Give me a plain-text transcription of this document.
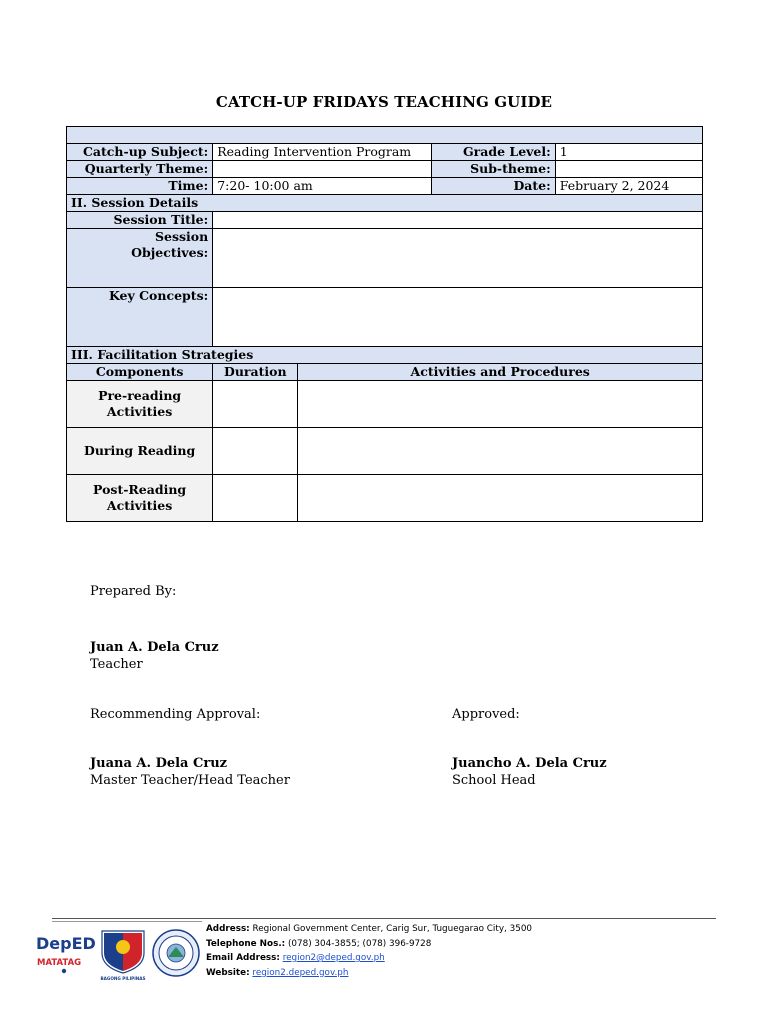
CATCH-UP FRIDAYS TEACHING GUIDE

Catch-up Subject:	Reading Intervention Program		Grade Level:	1
Quarterly Theme:			Sub-theme:	
Time:	7:20- 10:00 am		Date:	February 2, 2024
II. Session Details				
Session Title:				

Session
Objectives:				

Key Concepts:				
III. Facilitation Strategies				
Components	Duration	Activities and Procedures		

Pre-reading
Activities				

During Reading				

Post-Reading
Activities				

Prepared By:
Juan A. Dela Cruz
Teacher
Recommending Approval:
Juana A. Dela Cruz
Master Teacher/Head Teacher
Approved:
Juancho A. Dela Cruz
School Head
DepED
MATATAG
BAGONG PILIPINAS
Address: Regional Government Center, Carig Sur, Tuguegarao City, 3500
Telephone Nos.: (078) 304-3855; (078) 396-9728
Email Address: region2@deped.gov.ph
Website: region2.deped.gov.ph
